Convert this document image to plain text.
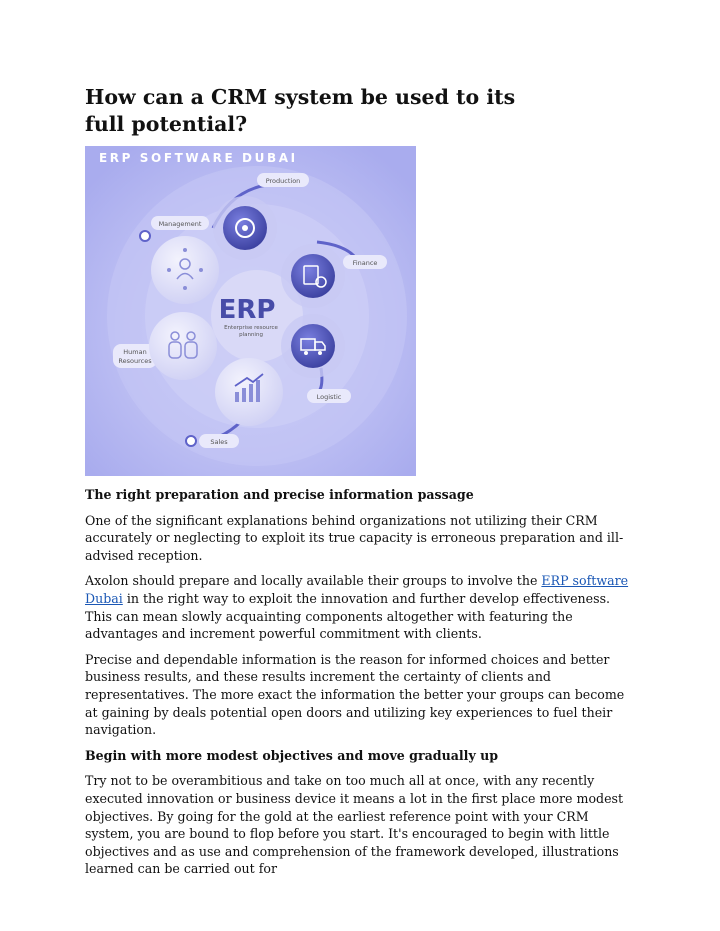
How can a CRM system be used to its full potential?
ERP SOFTWARE DUBAI
Production
Management
Finance
Human
Resources
Logistic
Sales
ERP
Enterprise resource
planning
The right preparation and precise information passage

One of the significant explanations behind organizations not utilizing their CRM accurately or neglecting to exploit its true capacity is erroneous preparation and ill-advised reception.

Axolon should prepare and locally available their groups to involve the ERP software Dubai in the right way to exploit the innovation and further develop effectiveness. This can mean slowly acquainting components altogether with featuring the advantages and increment powerful commitment with clients.

Precise and dependable information is the reason for informed choices and better business results, and these results increment the certainty of clients and representatives. The more exact the information the better your groups can become at gaining by deals potential open doors and utilizing key experiences to fuel their navigation.

Begin with more modest objectives and move gradually up

Try not to be overambitious and take on too much all at once, with any recently executed innovation or business device it means a lot in the first place more modest objectives. By going for the gold at the earliest reference point with your CRM system, you are bound to flop before you start. It's encouraged to begin with little objectives and as use and comprehension of the framework developed, illustrations learned can be carried out for
